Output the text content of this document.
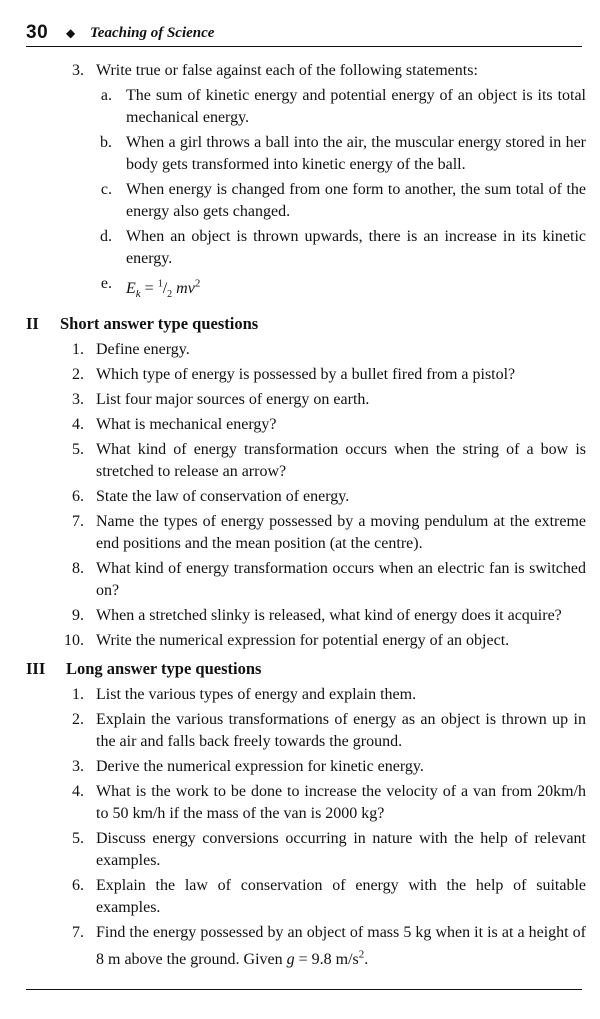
30 ◆ Teaching of Science
3. Write true or false against each of the following statements:
a. The sum of kinetic energy and potential energy of an object is its total mechanical energy.
b. When a girl throws a ball into the air, the muscular energy stored in her body gets transformed into kinetic energy of the ball.
c. When energy is changed from one form to another, the sum total of the energy also gets changed.
d. When an object is thrown upwards, there is an increase in its kinetic energy.
e. $E_k = ^1/_2$ $mv^2$
II Short answer type questions
1. Define energy.
2. Which type of energy is possessed by a bullet fired from a pistol?
3. List four major sources of energy on earth.
4. What is mechanical energy?
5. What kind of energy transformation occurs when the string of a bow is stretched to release an arrow?
6. State the law of conservation of energy.
7. Name the types of energy possessed by a moving pendulum at the extreme end positions and the mean position (at the centre).
8. What kind of energy transformation occurs when an electric fan is switched on?
9. When a stretched slinky is released, what kind of energy does it acquire?
10. Write the numerical expression for potential energy of an object.
III Long answer type questions
1. List the various types of energy and explain them.
2. Explain the various transformations of energy as an object is thrown up in the air and falls back freely towards the ground.
3. Derive the numerical expression for kinetic energy.
4. What is the work to be done to increase the velocity of a van from 20km/h to 50 km/h if the mass of the van is 2000 kg?
5. Discuss energy conversions occurring in nature with the help of relevant examples.
6. Explain the law of conservation of energy with the help of suitable examples.
7. Find the energy possessed by an object of mass 5 kg when it is at a height of 8 m above the ground. Given g = 9.8 $m/s^2$.
